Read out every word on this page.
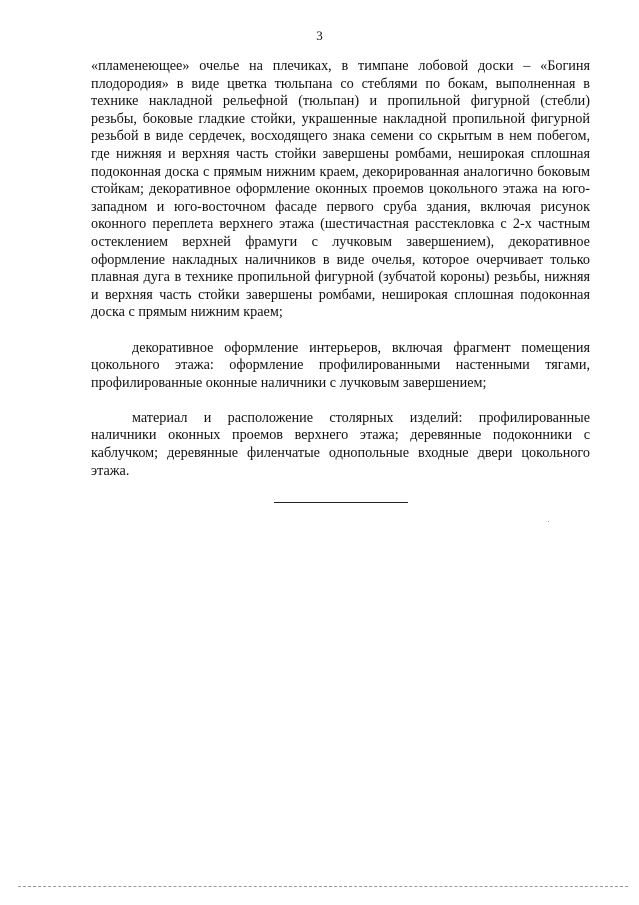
3

«пламенеющее» очелье на плечиках, в тимпане лобовой доски – «Богиня плодородия» в виде цветка тюльпана со стеблями по бокам, выполненная в технике накладной рельефной (тюльпан) и пропильной фигурной (стебли) резьбы, боковые гладкие стойки, украшенные накладной пропильной фигурной резьбой в виде сердечек, восходящего знака семени со скрытым в нем побегом, где нижняя и верхняя часть стойки завершены ромбами, неширокая сплошная подоконная доска с прямым нижним краем, декорированная аналогично боковым стойкам; декоративное оформление оконных проемов цокольного этажа на юго-западном и юго-восточном фасаде первого сруба здания, включая рисунок оконного переплета верхнего этажа (шестичастная расстекловка с 2-х частным остеклением верхней фрамуги с лучковым завершением), декоративное оформление накладных наличников в виде очелья, которое очерчивает только плавная дуга в технике пропильной фигурной (зубчатой короны) резьбы, нижняя и верхняя часть стойки завершены ромбами, неширокая сплошная подоконная доска с прямым нижним краем;

декоративное оформление интерьеров, включая фрагмент помещения цокольного этажа: оформление профилированными настенными тягами, профилированные оконные наличники с лучковым завершением;

материал и расположение столярных изделий: профилированные наличники оконных проемов верхнего этажа; деревянные подоконники с каблучком; деревянные филенчатые однопольные входные двери цокольного этажа.
